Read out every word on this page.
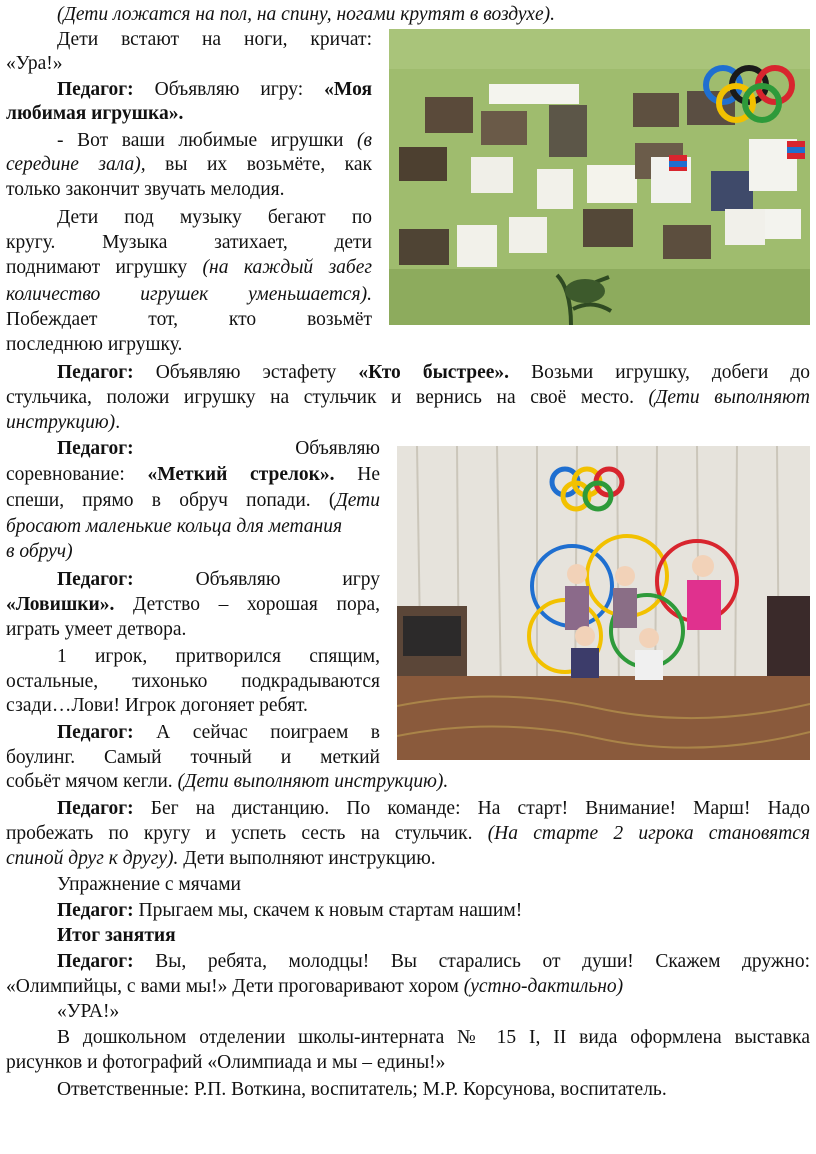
(Дети ложатся на пол, на спину, ногами крутят в воздухе).
Дети встают на ноги, кричат:
«Ура!»
Педагог: Объявляю игру: «Моя
любимая игрушка».
- Вот ваши любимые игрушки (в
середине зала), вы их возьмёте, как
только закончит звучать мелодия.
Дети под музыку бегают по
кругу. Музыка затихает, дети
поднимают игрушку (на каждый забег
количество игрушек уменьшается).
Побеждает тот, кто возьмёт
последнюю игрушку.
Педагог: Объявляю эстафету «Кто быстрее». Возьми игрушку, добеги до
стульчика, положи игрушку на стульчик и вернись на своё место. (Дети выполняют
инструкцию).
Педагог: Объявляю
соревнование: «Меткий стрелок». Не
спеши, прямо в обруч попади. (Дети
бросают маленькие кольца для метания
в обруч)
Педагог: Объявляю игру
«Ловишки». Детство – хорошая пора,
играть умеет детвора.
1 игрок, притворился спящим,
остальные, тихонько подкрадываются
сзади…Лови! Игрок догоняет ребят.
Педагог: А сейчас поиграем в
боулинг. Самый точный и меткий
собьёт мячом кегли. (Дети выполняют инструкцию).
Педагог: Бег на дистанцию. По команде: На старт! Внимание! Марш! Надо
пробежать по кругу и успеть сесть на стульчик. (На старте 2 игрока становятся
спиной друг к другу). Дети выполняют инструкцию.
Упражнение с мячами
Педагог: Прыгаем мы, скачем к новым стартам нашим!
Итог занятия
Педагог: Вы, ребята, молодцы! Вы старались от души! Скажем дружно:
«Олимпийцы, с вами мы!» Дети проговаривают хором (устно-дактильно)
«УРА!»
В дошкольном отделении школы-интерната № 15 I, II вида оформлена выставка
рисунков и фотографий «Олимпиада и мы – едины!»
Ответственные: Р.П. Воткина, воспитатель; М.Р. Корсунова, воспитатель.
